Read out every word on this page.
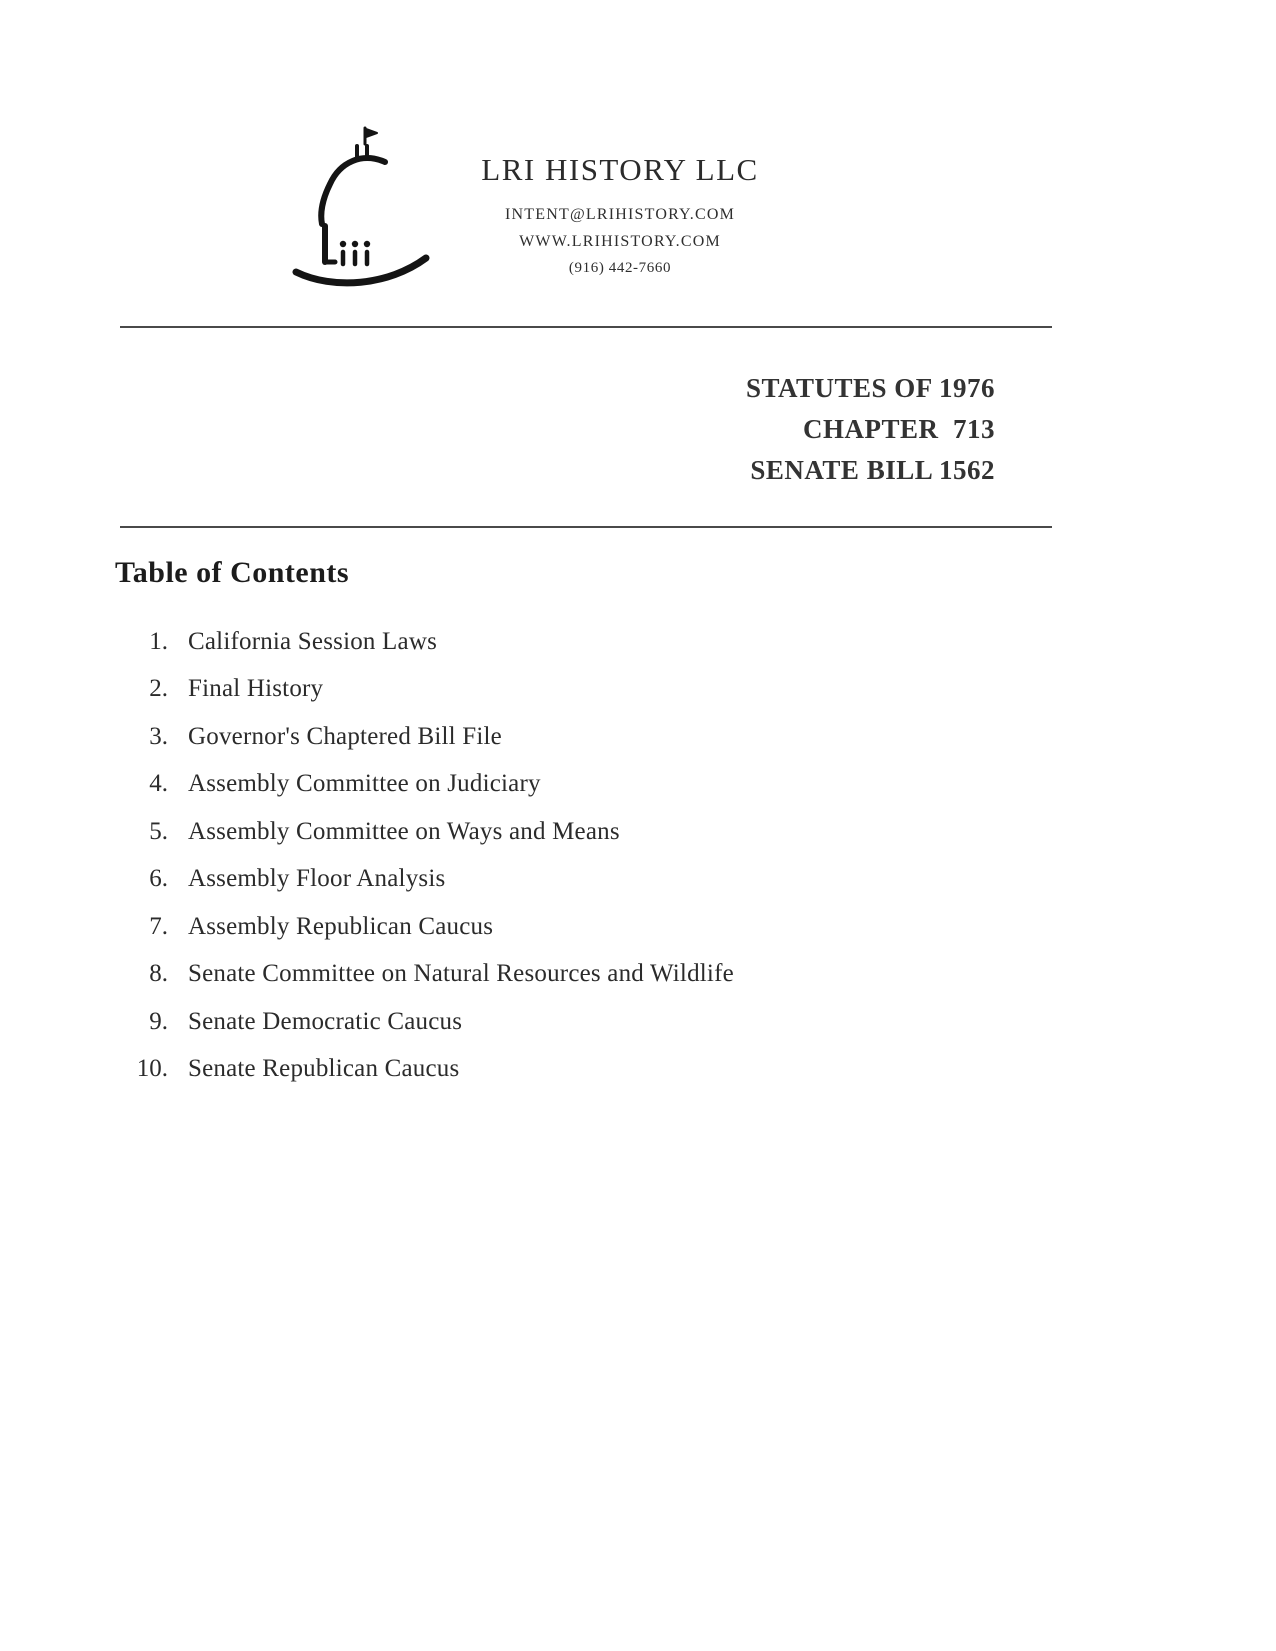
LRI HISTORY LLC
INTENT@LRIHISTORY.COM
WWW.LRIHISTORY.COM
(916) 442-7660
STATUTES OF 1976
CHAPTER  713
SENATE BILL 1562
Table of Contents
1. California Session Laws
2. Final History
3. Governor's Chaptered Bill File
4. Assembly Committee on Judiciary
5. Assembly Committee on Ways and Means
6. Assembly Floor Analysis
7. Assembly Republican Caucus
8. Senate Committee on Natural Resources and Wildlife
9. Senate Democratic Caucus
10. Senate Republican Caucus
